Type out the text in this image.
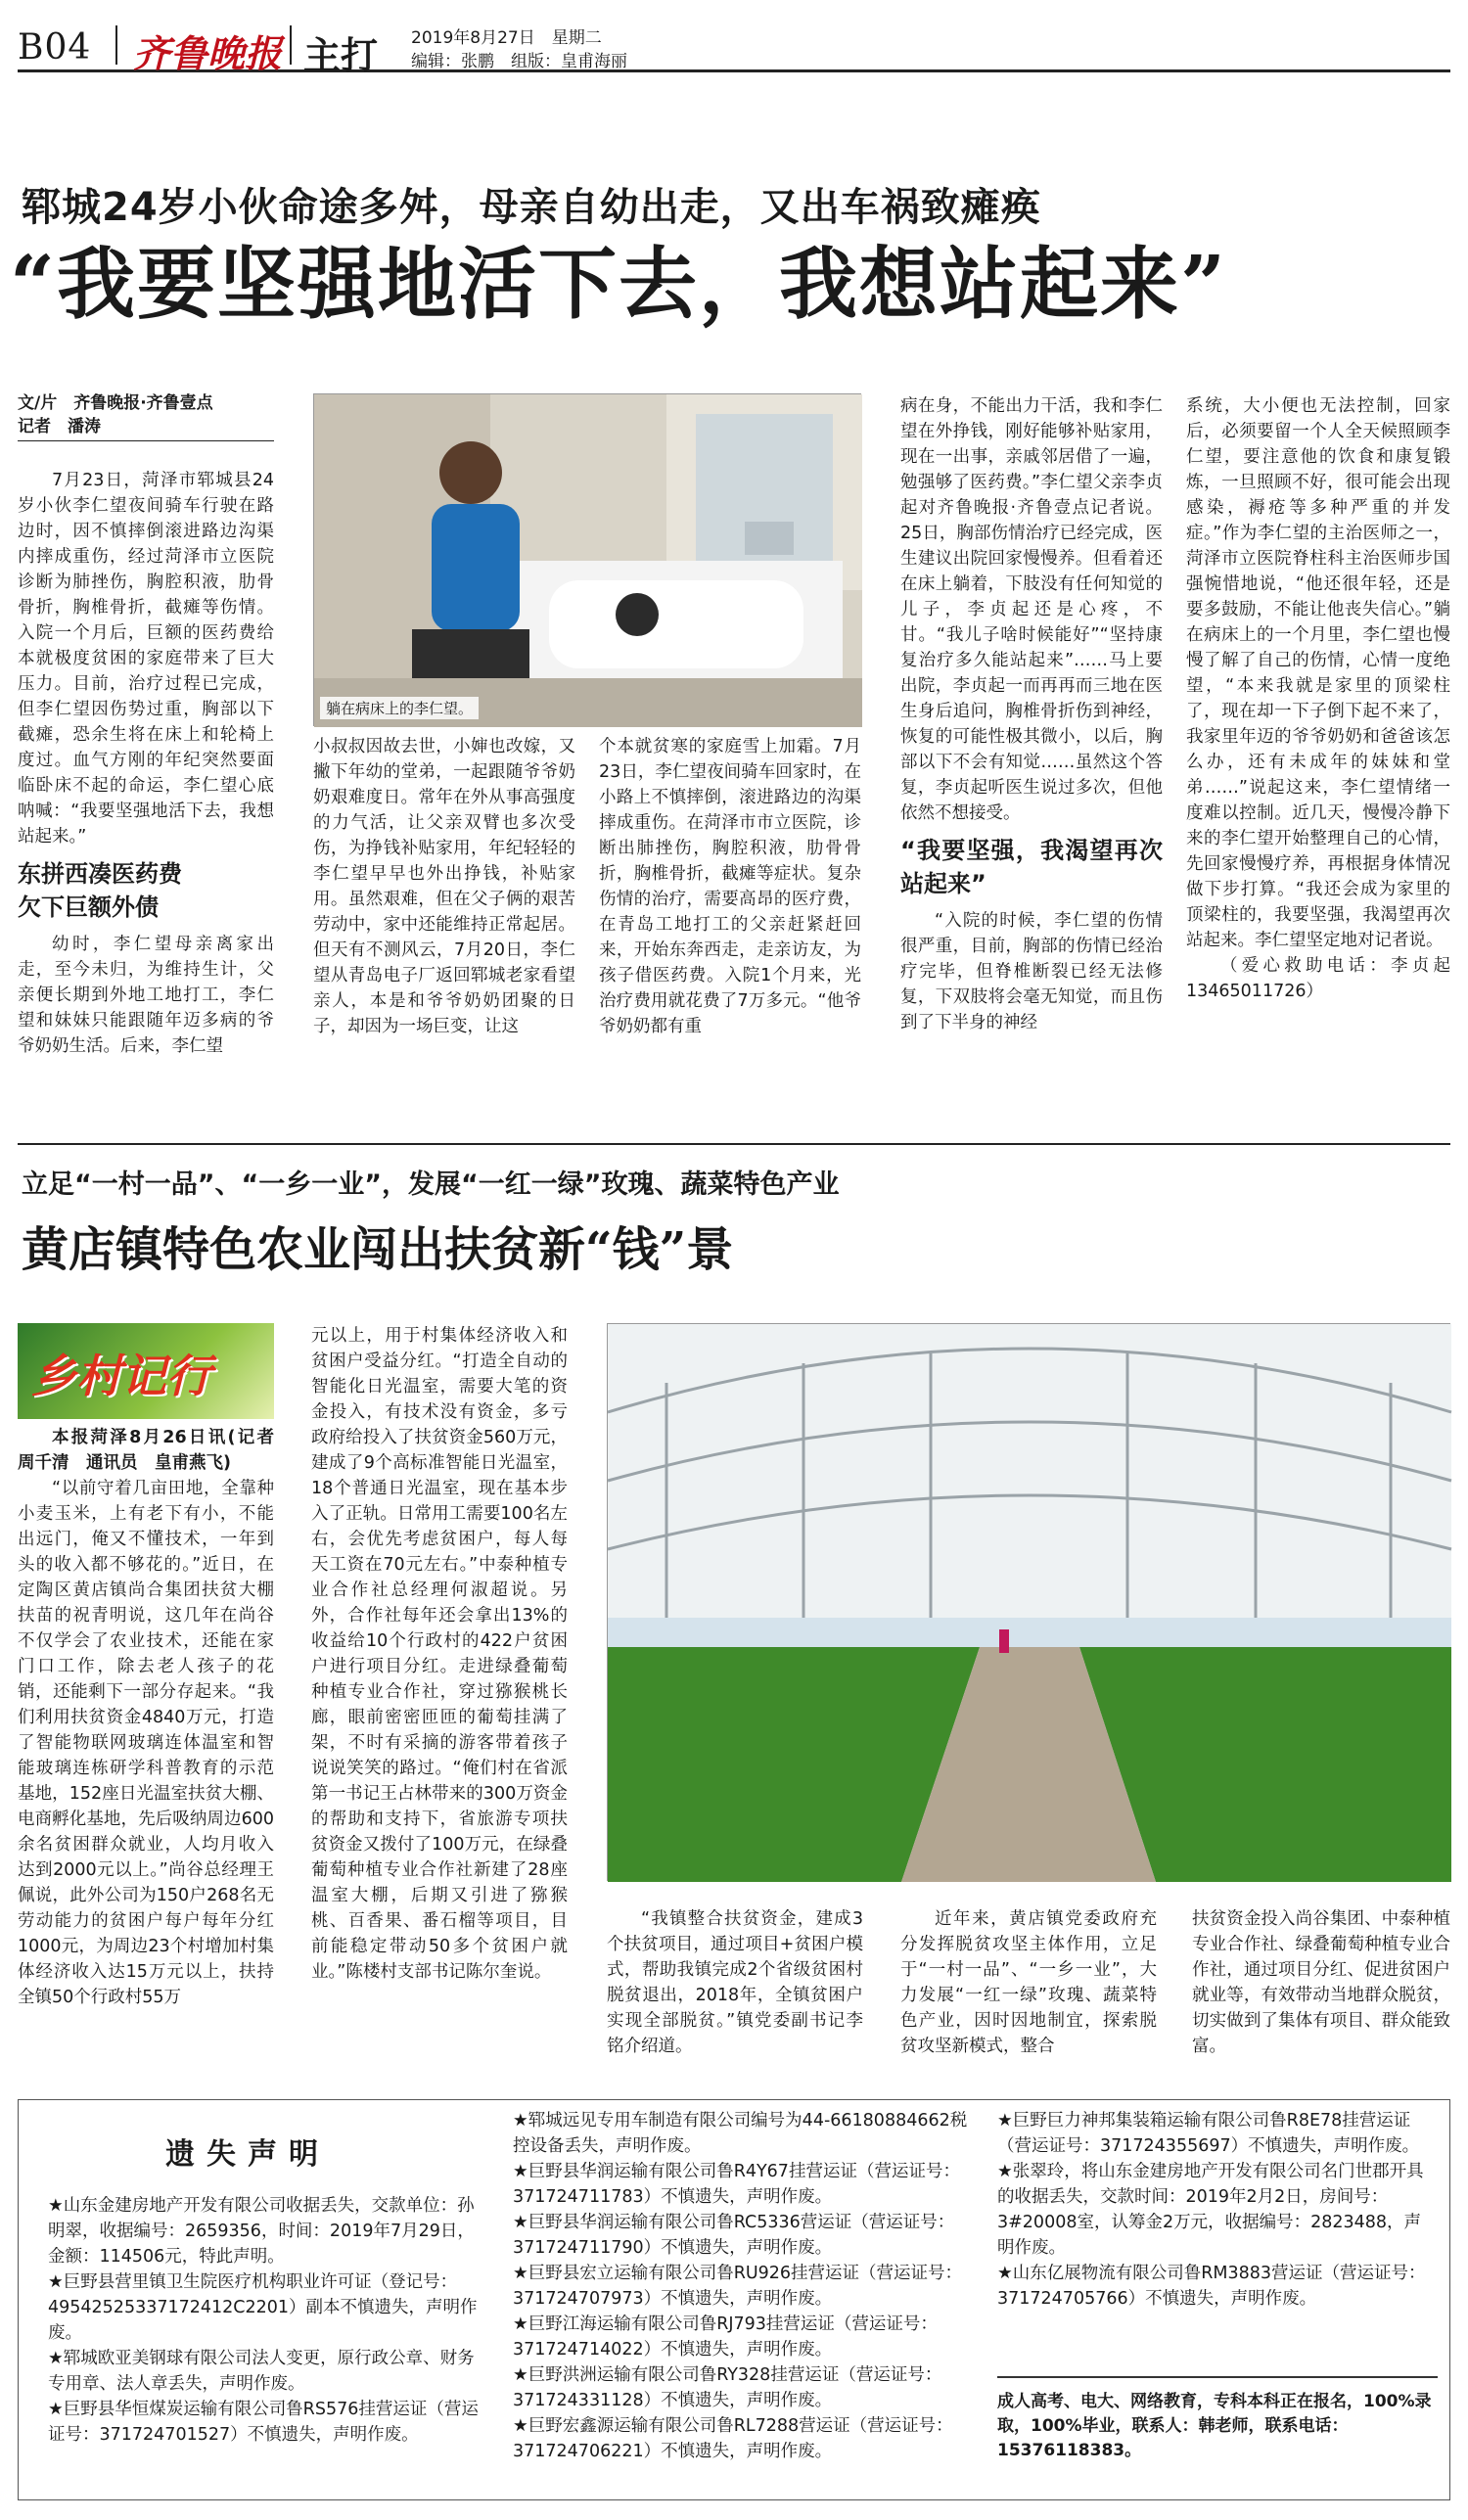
B04 齐鲁晚报 主打 2019年8月27日　星期二
编辑：张鹏　组版：皇甫海丽
郓城24岁小伙命途多舛，母亲自幼出走，又出车祸致瘫痪
“我要坚强地活下去，我想站起来”
文/片　齐鲁晚报·齐鲁壹点
记者　潘涛
躺在病床上的李仁望。

7月23日，菏泽市郓城县24岁小伙李仁望夜间骑车行驶在路边时，因不慎摔倒滚进路边沟渠内摔成重伤，经过菏泽市立医院诊断为肺挫伤，胸腔积液，肋骨骨折，胸椎骨折，截瘫等伤情。入院一个月后，巨额的医药费给本就极度贫困的家庭带来了巨大压力。目前，治疗过程已完成，但李仁望因伤势过重，胸部以下截瘫，恐余生将在床上和轮椅上度过。血气方刚的年纪突然要面临卧床不起的命运，李仁望心底呐喊：“我要坚强地活下去，我想站起来。”

东拼西凑医药费
欠下巨额外债

幼时，李仁望母亲离家出走，至今未归，为维持生计，父亲便长期到外地工地打工，李仁望和妹妹只能跟随年迈多病的爷爷奶奶生活。后来，李仁望

小叔叔因故去世，小婶也改嫁，又撇下年幼的堂弟，一起跟随爷爷奶奶艰难度日。常年在外从事高强度的力气活，让父亲双臂也多次受伤，为挣钱补贴家用，年纪轻轻的李仁望早早也外出挣钱，补贴家用。虽然艰难，但在父子俩的艰苦劳动中，家中还能维持正常起居。但天有不测风云，7月20日，李仁望从青岛电子厂返回郓城老家看望亲人，本是和爷爷奶奶团聚的日子，却因为一场巨变，让这

个本就贫寒的家庭雪上加霜。7月23日，李仁望夜间骑车回家时，在小路上不慎摔倒，滚进路边的沟渠摔成重伤。在菏泽市市立医院，诊断出肺挫伤，胸腔积液，肋骨骨折，胸椎骨折，截瘫等症状。复杂伤情的治疗，需要高昂的医疗费，在青岛工地打工的父亲赶紧赶回来，开始东奔西走，走亲访友，为孩子借医药费。入院1个月来，光治疗费用就花费了7万多元。“他爷爷奶奶都有重

病在身，不能出力干活，我和李仁望在外挣钱，刚好能够补贴家用，现在一出事，亲戚邻居借了一遍，勉强够了医药费。”李仁望父亲李贞起对齐鲁晚报·齐鲁壹点记者说。25日，胸部伤情治疗已经完成，医生建议出院回家慢慢养。但看着还在床上躺着，下肢没有任何知觉的儿子，李贞起还是心疼，不甘。“我儿子啥时候能好”“坚持康复治疗多久能站起来”……马上要出院，李贞起一而再再而三地在医生身后追问，胸椎骨折伤到神经，恢复的可能性极其微小，以后，胸部以下不会有知觉……虽然这个答复，李贞起听医生说过多次，但他依然不想接受。

“我要坚强，我渴望再次站起来”

“入院的时候，李仁望的伤情很严重，目前，胸部的伤情已经治疗完毕，但脊椎断裂已经无法修复，下双肢将会毫无知觉，而且伤到了下半身的神经

系统，大小便也无法控制，回家后，必须要留一个人全天候照顾李仁望，要注意他的饮食和康复锻炼，一旦照顾不好，很可能会出现感染，褥疮等多种严重的并发症。”作为李仁望的主治医师之一，菏泽市立医院脊柱科主治医师步国强惋惜地说，“他还很年轻，还是要多鼓励，不能让他丧失信心。”躺在病床上的一个月里，李仁望也慢慢了解了自己的伤情，心情一度绝望，“本来我就是家里的顶梁柱了，现在却一下子倒下起不来了，我家里年迈的爷爷奶奶和爸爸该怎么办，还有未成年的妹妹和堂弟……”说起这来，李仁望情绪一度难以控制。近几天，慢慢冷静下来的李仁望开始整理自己的心情，先回家慢慢疗养，再根据身体情况做下步打算。“我还会成为家里的顶梁柱的，我要坚强，我渴望再次站起来。李仁望坚定地对记者说。

（爱心救助电话：李贞起13465011726）

立足“一村一品”、“一乡一业”，发展“一红一绿”玫瑰、蔬菜特色产业
黄店镇特色农业闯出扶贫新“钱”景
乡村记行

本报菏泽8月26日讯(记者　周千清　通讯员　皇甫燕飞)

“以前守着几亩田地，全靠种小麦玉米，上有老下有小，不能出远门，俺又不懂技术，一年到头的收入都不够花的。”近日，在定陶区黄店镇尚合集团扶贫大棚扶苗的祝青明说，这几年在尚谷不仅学会了农业技术，还能在家门口工作，除去老人孩子的花销，还能剩下一部分存起来。“我们利用扶贫资金4840万元，打造了智能物联网玻璃连体温室和智能玻璃连栋研学科普教育的示范基地，152座日光温室扶贫大棚、电商孵化基地，先后吸纳周边600余名贫困群众就业，人均月收入达到2000元以上。”尚谷总经理王佩说，此外公司为150户268名无劳动能力的贫困户每户每年分红1000元，为周边23个村增加村集体经济收入达15万元以上，扶持全镇50个行政村55万

元以上，用于村集体经济收入和贫困户受益分红。“打造全自动的智能化日光温室，需要大笔的资金投入，有技术没有资金，多亏政府给投入了扶贫资金560万元，建成了9个高标准智能日光温室，18个普通日光温室，现在基本步入了正轨。日常用工需要100名左右，会优先考虑贫困户，每人每天工资在70元左右。”中泰种植专业合作社总经理何淑超说。另外，合作社每年还会拿出13%的收益给10个行政村的422户贫困户进行项目分红。走进绿叠葡萄种植专业合作社，穿过猕猴桃长廊，眼前密密匝匝的葡萄挂满了架，不时有采摘的游客带着孩子说说笑笑的路过。“俺们村在省派第一书记王占林带来的300万资金的帮助和支持下，省旅游专项扶贫资金又拨付了100万元，在绿叠葡萄种植专业合作社新建了28座温室大棚，后期又引进了猕猴桃、百香果、番石榴等项目，目前能稳定带动50多个贫困户就业。”陈楼村支部书记陈尔奎说。

“我镇整合扶贫资金，建成3个扶贫项目，通过项目+贫困户模式，帮助我镇完成2个省级贫困村脱贫退出，2018年，全镇贫困户实现全部脱贫。”镇党委副书记李铭介绍道。

近年来，黄店镇党委政府充分发挥脱贫攻坚主体作用，立足于“一村一品”、“一乡一业”，大力发展“一红一绿”玫瑰、蔬菜特色产业，因时因地制宜，探索脱贫攻坚新模式，整合

扶贫资金投入尚谷集团、中泰种植专业合作社、绿叠葡萄种植专业合作社，通过项目分红、促进贫困户就业等，有效带动当地群众脱贫，切实做到了集体有项目、群众能致富。

遗失声明
★山东金建房地产开发有限公司收据丢失，交款单位：孙明翠，收据编号：2659356，时间：2019年7月29日，金额：114506元，特此声明。
★巨野县营里镇卫生院医疗机构职业许可证（登记号：49542525337172412C2201）副本不慎遗失，声明作废。
★郓城欧亚美钢球有限公司法人变更，原行政公章、财务专用章、法人章丢失，声明作废。
★巨野县华恒煤炭运输有限公司鲁RS576挂营运证（营运证号：371724701527）不慎遗失，声明作废。
★郓城远见专用车制造有限公司编号为44-66180884662税控设备丢失，声明作废。
★巨野县华润运输有限公司鲁R4Y67挂营运证（营运证号：371724711783）不慎遗失，声明作废。
★巨野县华润运输有限公司鲁RC5336营运证（营运证号：371724711790）不慎遗失，声明作废。
★巨野县宏立运输有限公司鲁RU926挂营运证（营运证号：371724707973）不慎遗失，声明作废。
★巨野江海运输有限公司鲁RJ793挂营运证（营运证号：371724714022）不慎遗失，声明作废。
★巨野洪洲运输有限公司鲁RY328挂营运证（营运证号：371724331128）不慎遗失，声明作废。
★巨野宏鑫源运输有限公司鲁RL7288营运证（营运证号：371724706221）不慎遗失，声明作废。
★巨野巨力神邦集装箱运输有限公司鲁R8E78挂营运证（营运证号：371724355697）不慎遗失，声明作废。
★张翠玲，将山东金建房地产开发有限公司名门世郡开具的收据丢失，交款时间：2019年2月2日，房间号：3#20008室，认筹金2万元，收据编号：2823488，声明作废。
★山东亿展物流有限公司鲁RM3883营运证（营运证号：371724705766）不慎遗失，声明作废。
成人高考、电大、网络教育，专科本科正在报名，100%录取，100%毕业，联系人：韩老师，联系电话：15376118383。
